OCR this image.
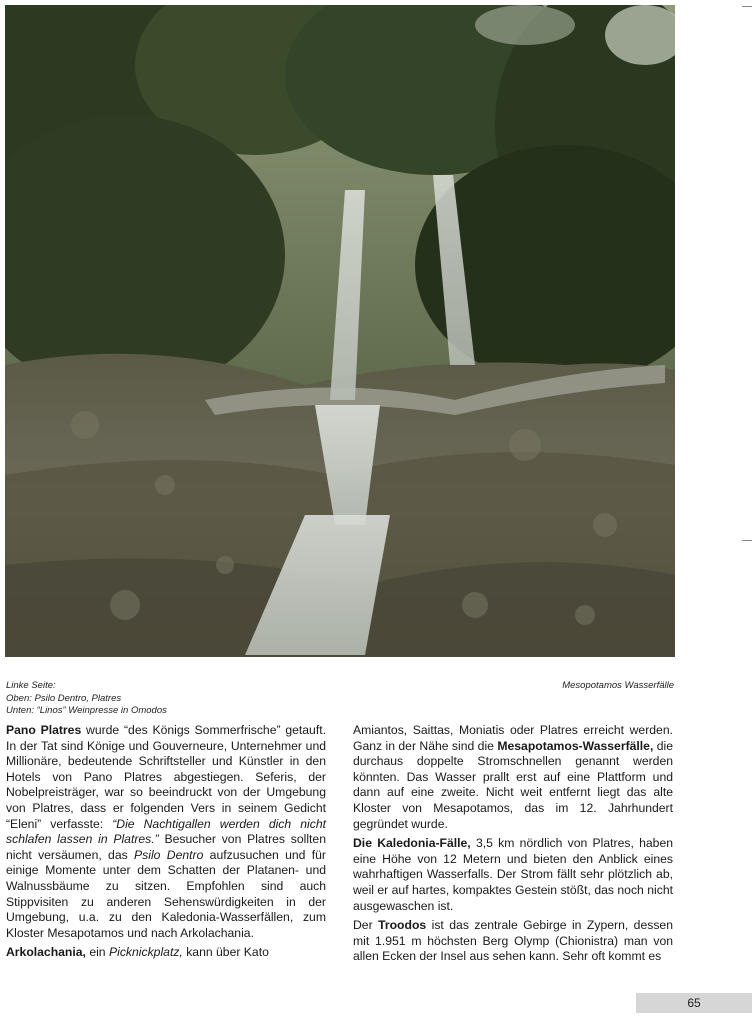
Linke Seite:
Oben: Psilo Dentro, Platres
Unten: “Linos” Weinpresse in Omodos
Mesopotamos Wasserfälle

Pano Platres wurde “des Königs Sommerfrische” getauft. In der Tat sind Könige und Gouverneure, Unternehmer und Millionäre, bedeutende Schriftsteller und Künstler in den Hotels von Pano Platres abgestiegen. Seferis, der Nobelpreisträger, war so beeindruckt von der Umgebung von Platres, dass er folgenden Vers in seinem Gedicht “Eleni” verfasste: “Die Nachtigallen werden dich nicht schlafen lassen in Platres.” Besucher von Platres sollten nicht versäumen, das Psilo Dentro aufzusuchen und für einige Momente unter dem Schatten der Platanen- und Walnussbäume zu sitzen. Empfohlen sind auch Stippvisiten zu anderen Sehenswürdigkeiten in der Umgebung, u.a. zu den Kaledonia-Wasserfällen, zum Kloster Mesapotamos und nach Arkolachania.

Arkolachania, ein Picknickplatz, kann über Kato

Amiantos, Saittas, Moniatis oder Platres erreicht werden. Ganz in der Nähe sind die Mesapotamos-Wasserfälle, die durchaus doppelte Stromschnellen genannt werden könnten. Das Wasser prallt erst auf eine Plattform und dann auf eine zweite. Nicht weit entfernt liegt das alte Kloster von Mesapotamos, das im 12. Jahrhundert gegründet wurde.

Die Kaledonia-Fälle, 3,5 km nördlich von Platres, haben eine Höhe von 12 Metern und bieten den Anblick eines wahrhaftigen Wasserfalls. Der Strom fällt sehr plötzlich ab, weil er auf hartes, kompaktes Gestein stößt, das noch nicht ausgewaschen ist.

Der Troodos ist das zentrale Gebirge in Zypern, dessen mit 1.951 m höchsten Berg Olymp (Chionistra) man von allen Ecken der Insel aus sehen kann. Sehr oft kommt es

65
